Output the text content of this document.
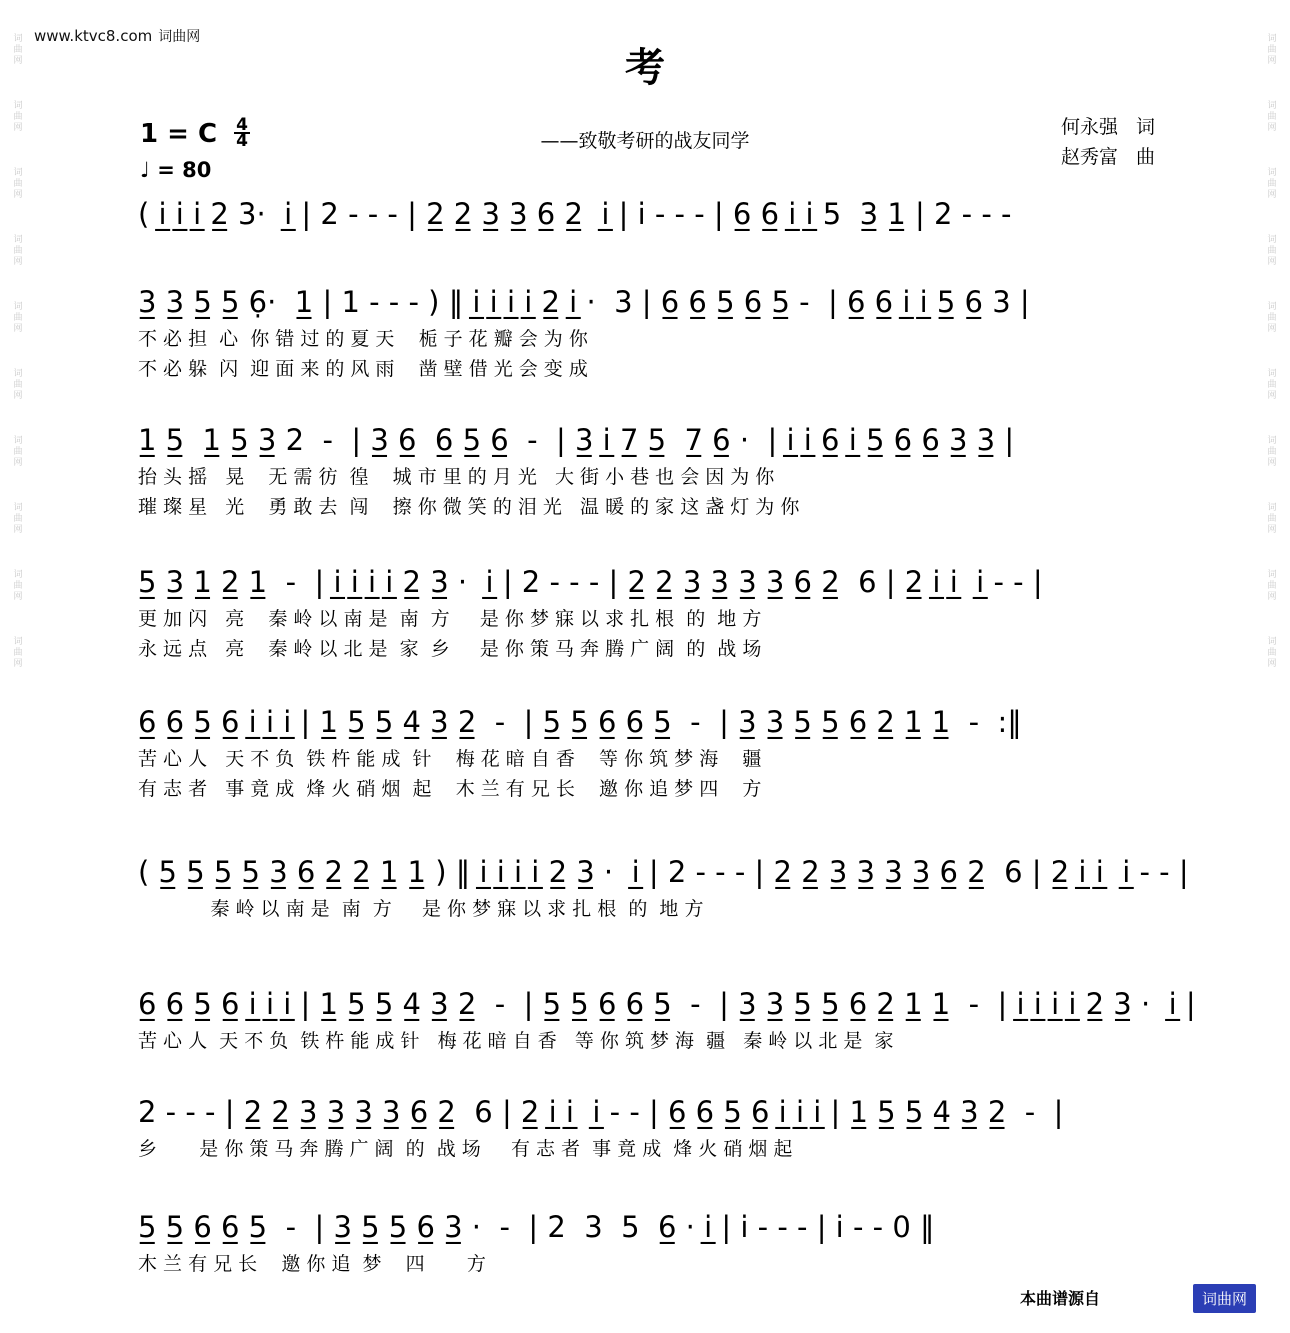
词
曲
网
词
曲
网
词
曲
网
词
曲
网
词
曲
网
词
曲
网
词
曲
网
词
曲
网
词
曲
网
词
曲
网
词
曲
网
词
曲
网
词
曲
网
词
曲
网
词
曲
网
词
曲
网
词
曲
网
词
曲
网
词
曲
网
词
曲
网
www.ktvc8.com 词曲网
考
——致敬考研的战友同学
何永强 词
赵秀富 曲
1 = C $\frac{4}{4}$
♩ = 80
( i̲ i̲ i̲ 2̲ 3·  i̲ | 2 - - - | 2̲ 2̲ 3̲ 3̲ 6̲ 2̲  i̲ | i - - - | 6̲ 6̲ i̲ i̲ 5  3̲ 1̲ | 2 - - -
3̲ 3̲ 5̲ 5̲ 6̣·  1̲ | 1 - - - ) ‖ i̲ i̲ i̲ i̲ 2̲ i̲ ·  3 | 6̲ 6̲ 5̲ 6̲ 5̲ -  | 6̲ 6̲ i̲ i̲ 5̲ 6̲ 3 |
不 必 担  心  你 错 过 的 夏 天    栀 子 花 瓣 会 为 你
不 必 躲  闪  迎 面 来 的 风 雨    凿 壁 借 光 会 变 成
1̲ 5̲  1̲ 5̲ 3̲ 2  -  | 3̲ 6̲  6̲ 5̲ 6̲  -  | 3̲ i̲ 7̲ 5̲  7̲ 6̲ ·  | i̲ i̲ 6̲ i̲ 5̲ 6̲ 6̲ 3̲ 3̲ |
抬 头 摇   晃    无 需 彷  徨    城 市 里 的 月 光   大 街 小 巷 也 会 因 为 你
璀 璨 星   光    勇 敢 去  闯    擦 你 微 笑 的 泪 光   温 暖 的 家 这 盏 灯 为 你
5̲ 3̲ 1̲ 2̲ 1̲  -  | i̲ i̲ i̲ i̲ 2̲ 3̲ ·  i̲ | 2 - - - | 2̲ 2̲ 3̲ 3̲ 3̲ 3̲ 6̲ 2̲  6 | 2̲ i̲ i̲  i̲ - - |
更 加 闪   亮    秦 岭 以 南 是  南  方     是 你 梦 寐 以 求 扎 根  的  地 方
永 远 点   亮    秦 岭 以 北 是  家  乡     是 你 策 马 奔 腾 广 阔  的  战 场
6̲ 6̲ 5̲ 6̲ i̲ i̲ i̲ | 1̲ 5̲ 5̲ 4̲ 3̲ 2̲  -  | 5̲ 5̲ 6̲ 6̲ 5̲  -  | 3̲ 3̲ 5̲ 5̲ 6̲ 2̲ 1̲ 1̲  -  :‖
苦 心 人   天 不 负  铁 杵 能 成  针    梅 花 暗 自 香    等 你 筑 梦 海    疆
有 志 者   事 竟 成  烽 火 硝 烟  起    木 兰 有 兄 长    邀 你 追 梦 四    方
( 5̲ 5̲ 5̲ 5̲ 3̲ 6̲ 2̲ 2̲ 1̲ 1̲ ) ‖ i̲ i̲ i̲ i̲ 2̲ 3̲ ·  i̲ | 2 - - - | 2̲ 2̲ 3̲ 3̲ 3̲ 3̲ 6̲ 2̲  6 | 2̲ i̲ i̲  i̲ - - |
秦 岭 以 南 是  南  方     是 你 梦 寐 以 求 扎 根  的  地 方
6̲ 6̲ 5̲ 6̲ i̲ i̲ i̲ | 1̲ 5̲ 5̲ 4̲ 3̲ 2̲  -  | 5̲ 5̲ 6̲ 6̲ 5̲  -  | 3̲ 3̲ 5̲ 5̲ 6̲ 2̲ 1̲ 1̲  -  | i̲ i̲ i̲ i̲ 2̲ 3̲ ·  i̲ |
苦 心 人  天 不 负  铁 杵 能 成 针   梅 花 暗 自 香   等 你 筑 梦 海  疆   秦 岭 以 北 是  家
2 - - - | 2̲ 2̲ 3̲ 3̲ 3̲ 3̲ 6̲ 2̲  6 | 2̲ i̲ i̲  i̲ - - | 6̲ 6̲ 5̲ 6̲ i̲ i̲ i̲ | 1̲ 5̲ 5̲ 4̲ 3̲ 2̲  -  |
乡       是 你 策 马 奔 腾 广 阔  的  战 场     有 志 者  事 竟 成  烽 火 硝 烟 起
5̲ 5̲ 6̲ 6̲ 5̲  -  | 3̲ 5̲ 5̲ 6̲ 3̲ ·  -  | 2  3  5  6̲ · i̲ | i - - - | i - - 0 ‖
木 兰 有 兄 长    邀 你 追  梦    四       方
本曲谱源自	词曲网
